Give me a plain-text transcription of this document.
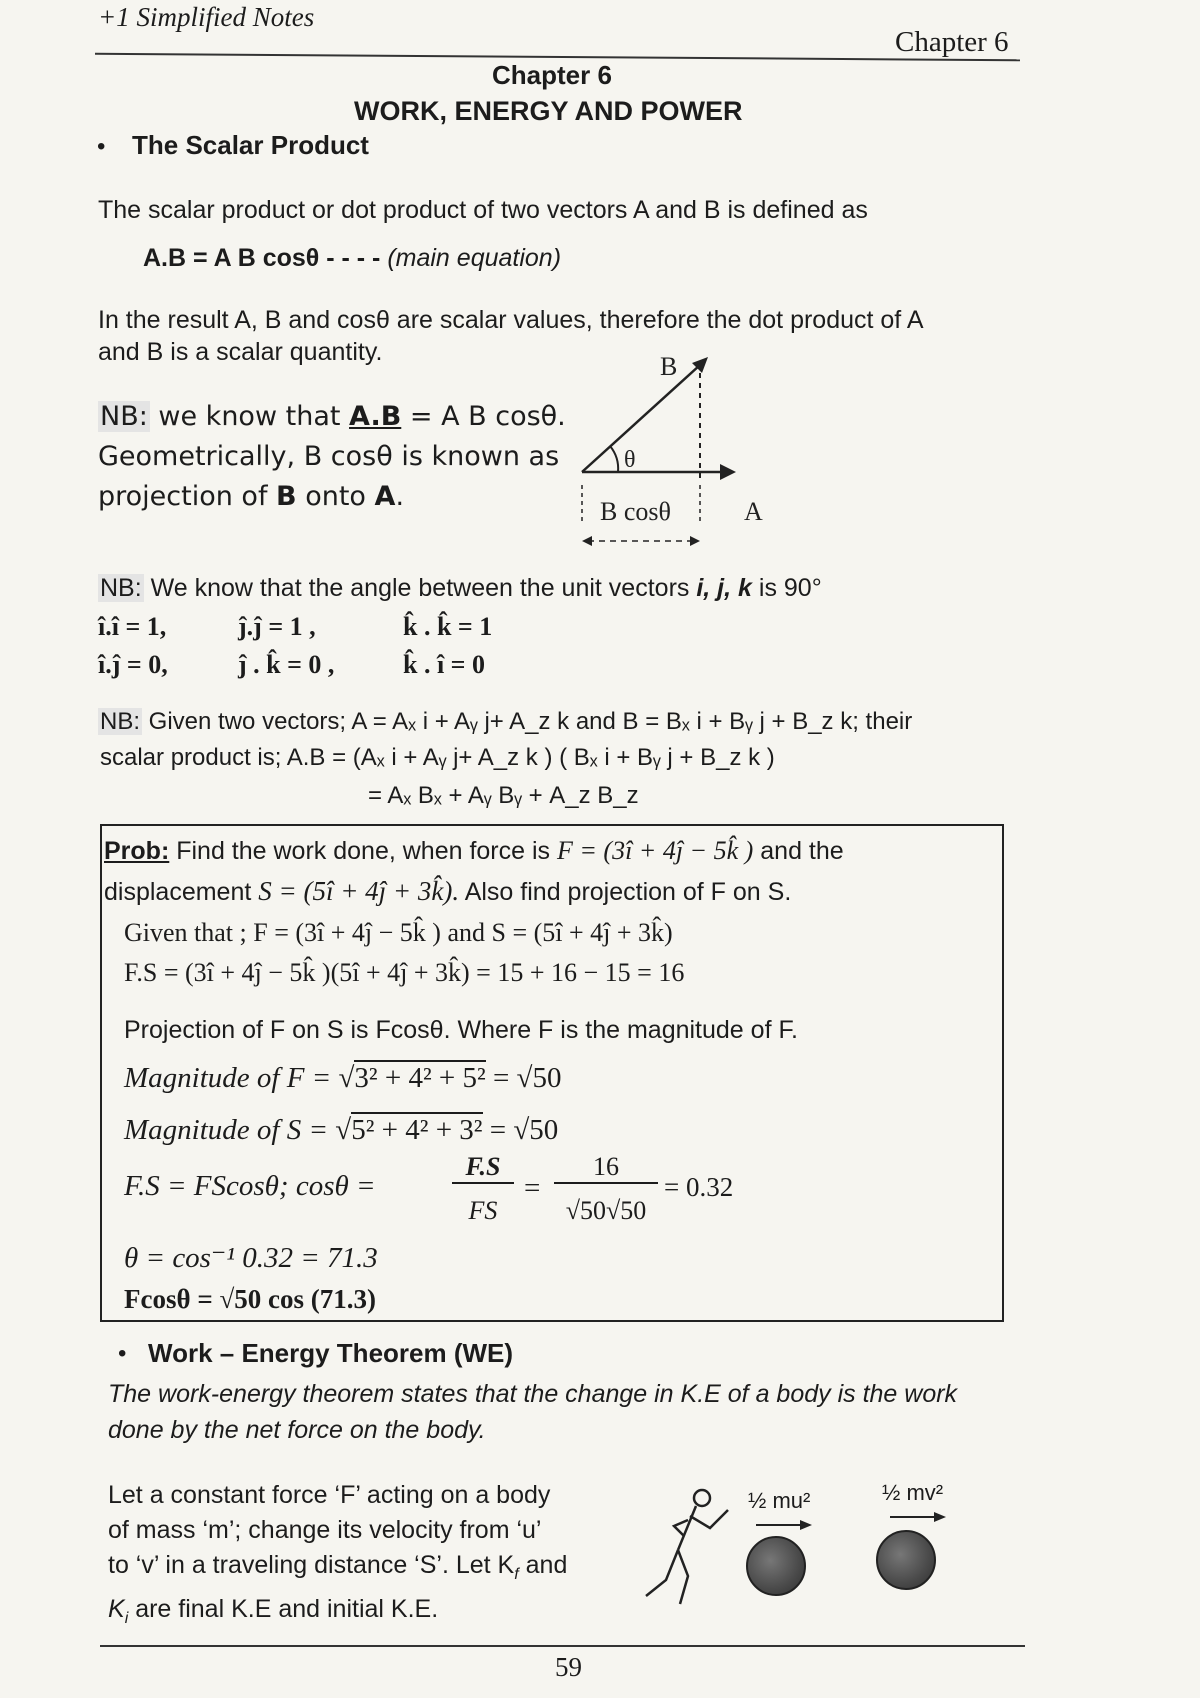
+1 Simplified Notes
Chapter 6
Chapter 6
WORK, ENERGY AND POWER
• The Scalar Product
The scalar product or dot product of two vectors A and B is defined as
A.B = A B cosθ - - - - (main equation)
In the result A, B and cosθ are scalar values, therefore the dot product of A
and B is a scalar quantity.
NB: we know that A.B = A B cosθ.
Geometrically, B cosθ is known as
projection of B onto A.
B
θ
A
B cosθ
NB: We know that the angle between the unit vectors i, j, k is 90°
î.î = 1,	ĵ.ĵ = 1 ,	k̂ . k̂ = 1
î.ĵ = 0,	ĵ . k̂ = 0 ,	k̂ . î = 0
NB: Given two vectors; A = Aₓ i + Aᵧ j+ A_z k and B = Bₓ i + Bᵧ j + B_z k; their
scalar product is; A.B = (Aₓ i + Aᵧ j+ A_z k ) ( Bₓ i + Bᵧ j + B_z k )
= Aₓ Bₓ + Aᵧ Bᵧ + A_z B_z
Prob: Find the work done, when force is F = (3î + 4ĵ − 5k̂ ) and the
displacement S = (5î + 4ĵ + 3k̂). Also find projection of F on S.
Given that ; F = (3î + 4ĵ − 5k̂ ) and S = (5î + 4ĵ + 3k̂)
F.S = (3î + 4ĵ − 5k̂ )(5î + 4ĵ + 3k̂) = 15 + 16 − 15 = 16
Projection of F on S is Fcosθ. Where F is the magnitude of F.
Magnitude of F = √3² + 4² + 5² = √50
Magnitude of S = √5² + 4² + 3² = √50
F.S = FScosθ; cosθ =
F.S
FS
=
16
√50√50
= 0.32
θ = cos⁻¹ 0.32 = 71.3
Fcosθ = √50 cos (71.3)
• Work – Energy Theorem (WE)
The work-energy theorem states that the change in K.E of a body is the work
done by the net force on the body.
Let a constant force ‘F’ acting on a body
of mass ‘m’; change its velocity from ‘u’
to ‘v’ in a traveling distance ‘S’. Let $K_f$ and
$K_i$ are final K.E and initial K.E.
½ mu²	½ mv²
59
